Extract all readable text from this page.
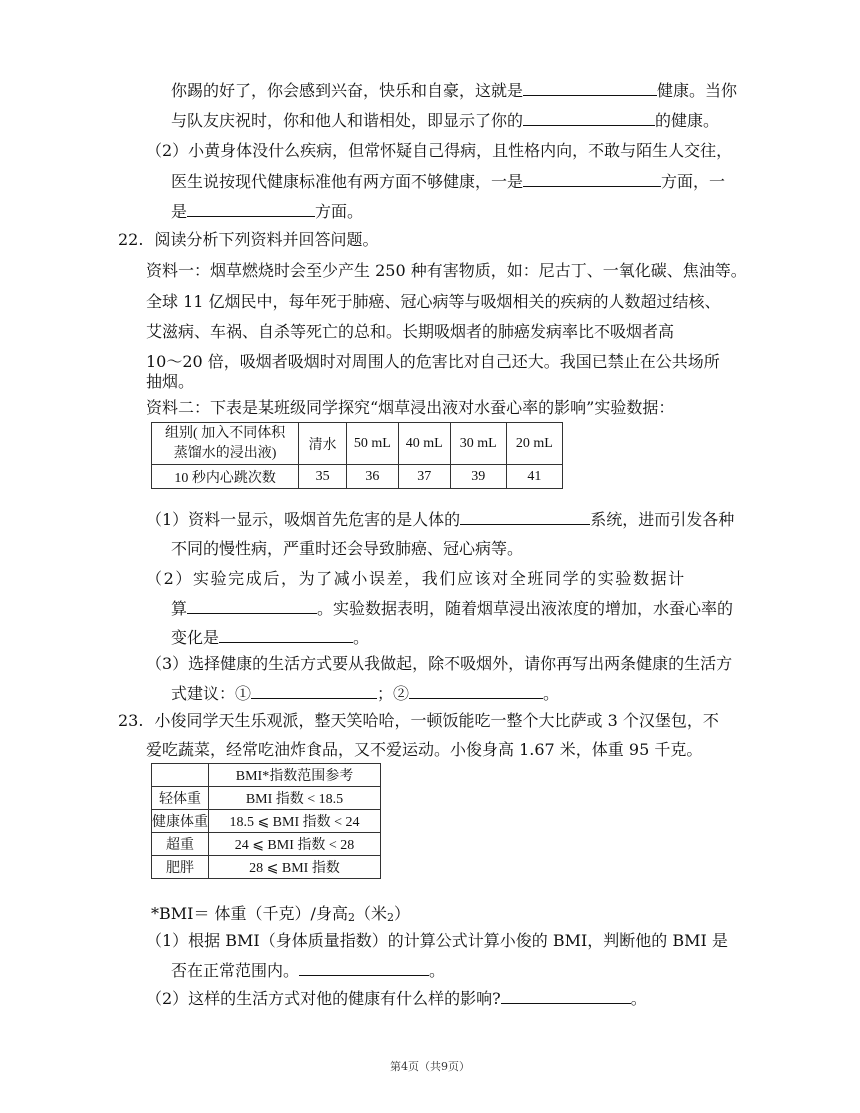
你踢的好了，你会感到兴奋，快乐和自豪，这就是	健康。当你
与队友庆祝时，你和他人和谐相处，即显示了你的	的健康。
（2）小黄身体没什么疾病，但常怀疑自己得病，且性格内向，不敢与陌生人交往，
医生说按现代健康标准他有两方面不够健康，一是	方面，一
是	方面。
22. 阅读分析下列资料并回答问题。
资料一：烟草燃烧时会至少产生 250 种有害物质，如：尼古丁、一氧化碳、焦油等。
全球 11 亿烟民中，每年死于肺癌、冠心病等与吸烟相关的疾病的人数超过结核、
艾滋病、车祸、自杀等死亡的总和。长期吸烟者的肺癌发病率比不吸烟者高
10～20 倍，吸烟者吸烟时对周围人的危害比对自己还大。我国已禁止在公共场所
抽烟。
资料二：下表是某班级同学探究“烟草浸出液对水蚕心率的影响”实验数据：
组别( 加入不同体积
蒸馏水的浸出液)	清水	50 mL	40 mL	30 mL	20 mL
10 秒内心跳次数	35	36	37	39	41
（1）资料一显示，吸烟首先危害的是人体的	系统，进而引发各种
不同的慢性病，严重时还会导致肺癌、冠心病等。
（2）实验完成后，为了减小误差，我们应该对全班同学的实验数据计
算	。实验数据表明，随着烟草浸出液浓度的增加，水蚕心率的
变化是	。
（3）选择健康的生活方式要从我做起，除不吸烟外，请你再写出两条健康的生活方
式建议：①	；②	。
23. 小俊同学天生乐观派，整天笑哈哈，一顿饭能吃一整个大比萨或 3 个汉堡包，不
爱吃蔬菜，经常吃油炸食品，又不爱运动。小俊身高 1.67 米，体重 95 千克。
	BMI*指数范围参考
轻体重	BMI 指数 < 18.5
健康体重	18.5 ⩽ BMI 指数 < 24
超重	24 ⩽ BMI 指数 < 28
肥胖	28 ⩽ BMI 指数
*BMI＝ 体重（千克）/身高$_2$（米$_2$）
（1）根据 BMI（身体质量指数）的计算公式计算小俊的 BMI，判断他的 BMI 是
否在正常范围内。	。
（2）这样的生活方式对他的健康有什么样的影响?	。
第4页（共9页）
